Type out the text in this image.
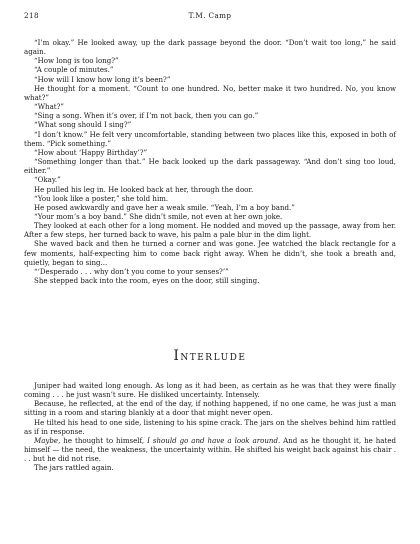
218	T.M. Camp

“I’m okay.” He looked away, up the dark passage beyond the door. “Don’t wait too long,” he said again.

“How long is too long?”

“A couple of minutes.”

“How will I know how long it’s been?”

He thought for a moment. “Count to one hundred. No, better make it two hundred. No, you know what?”

“What?”

“Sing a song. When it’s over, if I’m not back, then you can go.”

“What song should I sing?”

“I don’t know.” He felt very uncomfortable, standing between two places like this, exposed in both of them. “Pick something.”

“How about ‘Happy Birthday’?”

“Something longer than that.” He back looked up the dark passageway. “And don’t sing too loud, either.”

“Okay.”

He pulled his leg in. He looked back at her, through the door.

“You look like a poster,” she told him.

He posed awkwardly and gave her a weak smile. “Yeah, I’m a boy band.”

“Your mom’s a boy band.” She didn’t smile, not even at her own joke.

They looked at each other for a long moment. He nodded and moved up the passage, away from her. After a few steps, her turned back to wave, his palm a pale blur in the dim light.

She waved back and then he turned a corner and was gone. Jee watched the black rectangle for a few moments, half-expecting him to come back right away. When he didn’t, she took a breath and, quietly, began to sing...

“‘Desperado . . . why don’t you come to your senses?’”

She stepped back into the room, eyes on the door, still singing.

Interlude

Juniper had waited long enough. As long as it had been, as certain as he was that they were finally coming . . . he just wasn’t sure. He disliked uncertainty. Intensely.

Because, he reflected, at the end of the day, if nothing happened, if no one came, he was just a man sitting in a room and staring blankly at a door that might never open.

He tilted his head to one side, listening to his spine crack. The jars on the shelves behind him rattled as if in response.

Maybe, he thought to himself, I should go and have a look around. And as he thought it, he hated himself — the need, the weakness, the uncertainty within. He shifted his weight back against his chair . . . but he did not rise.

The jars rattled again.
